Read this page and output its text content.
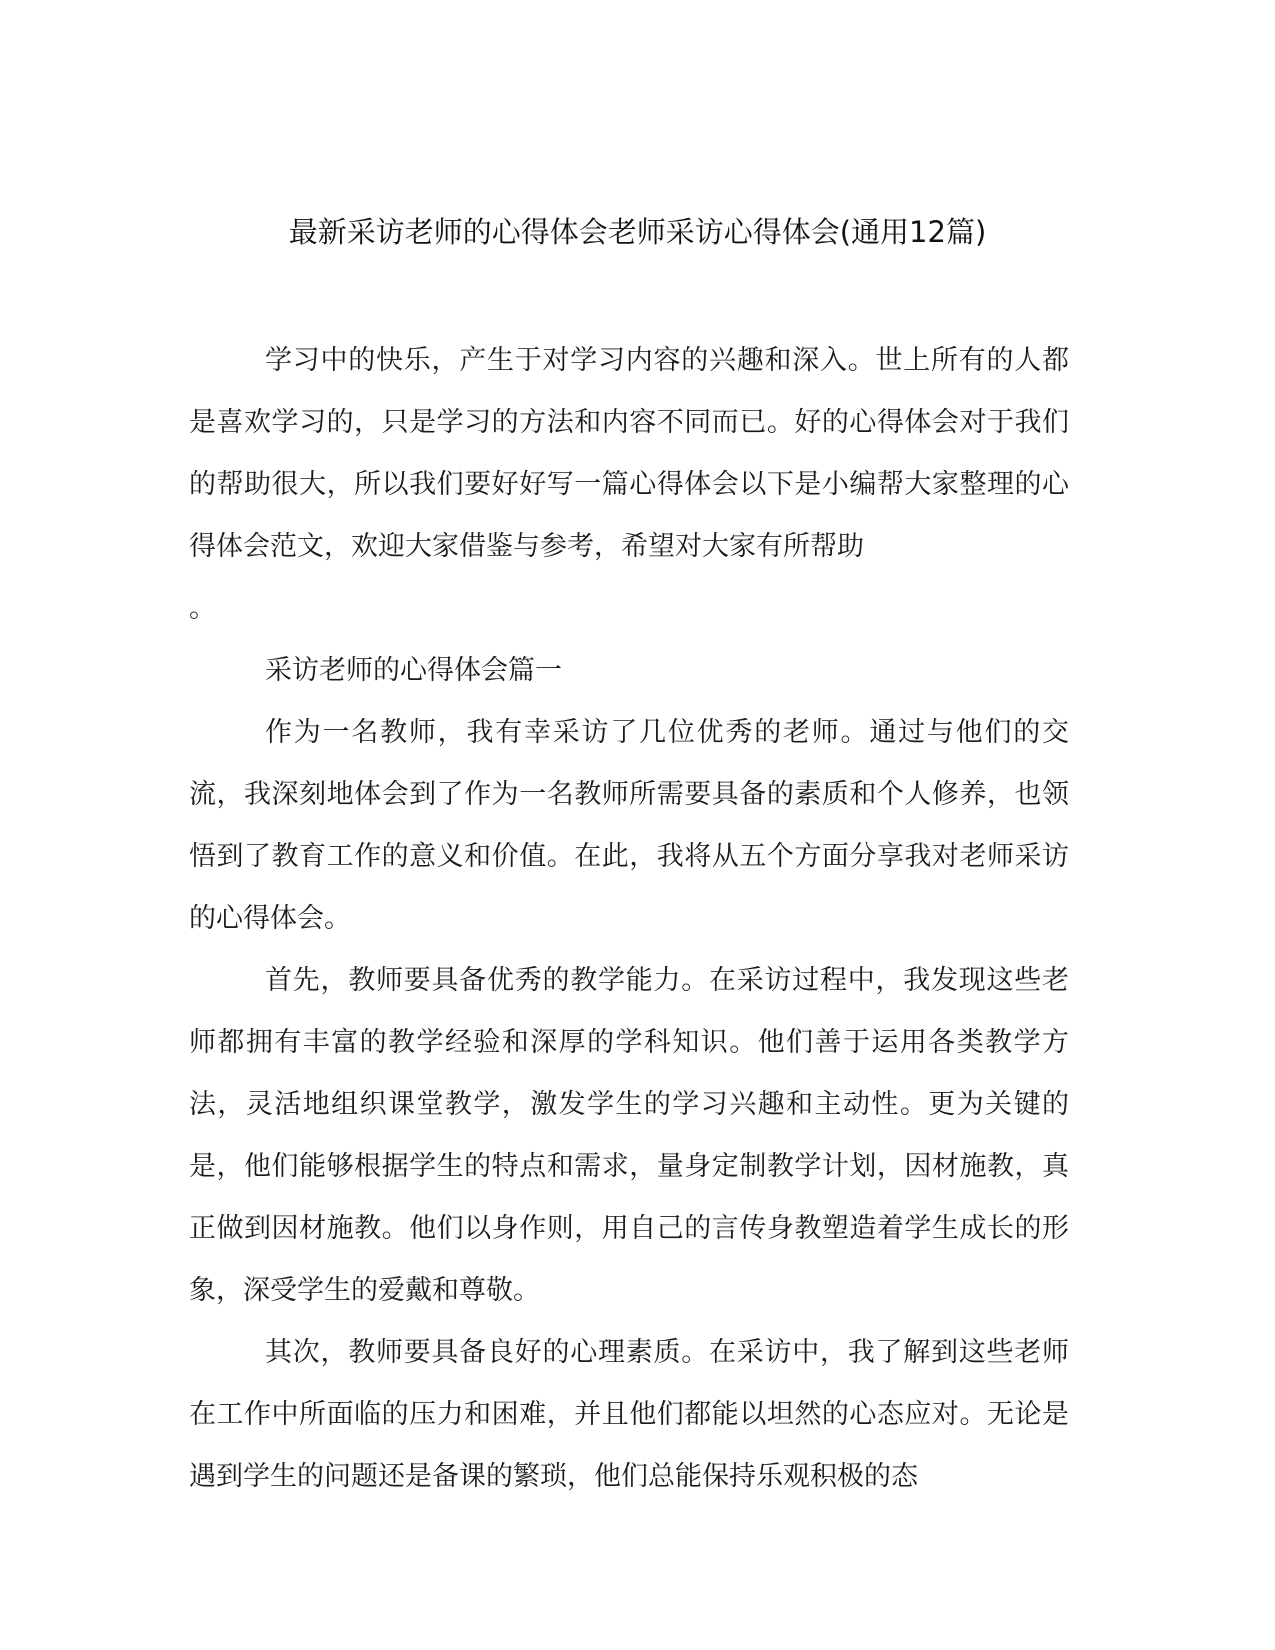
最新采访老师的心得体会老师采访心得体会(通用12篇)

学习中的快乐，产生于对学习内容的兴趣和深入。世上所有的人都是喜欢学习的，只是学习的方法和内容不同而已。好的心得体会对于我们的帮助很大，所以我们要好好写一篇心得体会以下是小编帮大家整理的心得体会范文，欢迎大家借鉴与参考，希望对大家有所帮助

。

采访老师的心得体会篇一

作为一名教师，我有幸采访了几位优秀的老师。通过与他们的交流，我深刻地体会到了作为一名教师所需要具备的素质和个人修养，也领悟到了教育工作的意义和价值。在此，我将从五个方面分享我对老师采访的心得体会。

首先，教师要具备优秀的教学能力。在采访过程中，我发现这些老师都拥有丰富的教学经验和深厚的学科知识。他们善于运用各类教学方法，灵活地组织课堂教学，激发学生的学习兴趣和主动性。更为关键的是，他们能够根据学生的特点和需求，量身定制教学计划，因材施教，真正做到因材施教。他们以身作则，用自己的言传身教塑造着学生成长的形象，深受学生的爱戴和尊敬。

其次，教师要具备良好的心理素质。在采访中，我了解到这些老师在工作中所面临的压力和困难，并且他们都能以坦然的心态应对。无论是遇到学生的问题还是备课的繁琐，他们总能保持乐观积极的态
